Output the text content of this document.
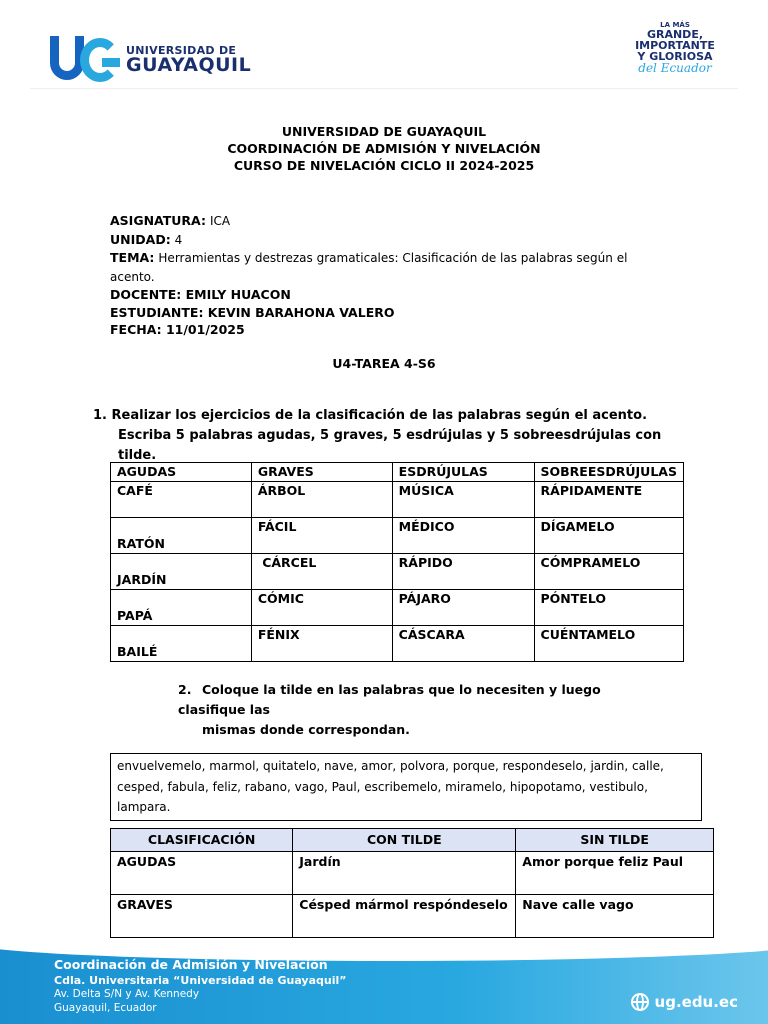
UNIVERSIDAD DE
GUAYAQUIL
LA MÁS
GRANDE,
IMPORTANTE
Y GLORIOSA
del Ecuador
UNIVERSIDAD DE GUAYAQUIL
COORDINACIÓN DE ADMISIÓN Y NIVELACIÓN
CURSO DE NIVELACIÓN CICLO II 2024-2025
ASIGNATURA: ICA
UNIDAD: 4
TEMA: Herramientas y destrezas gramaticales: Clasificación de las palabras según el acento.
DOCENTE: EMILY HUACON
ESTUDIANTE: KEVIN BARAHONA VALERO
FECHA: 11/01/2025
U4-TAREA 4-S6
1. Realizar los ejercicios de la clasificación de las palabras según el acento.
Escriba 5 palabras agudas, 5 graves, 5 esdrújulas y 5 sobreesdrújulas con tilde.
AGUDAS	GRAVES	ESDRÚJULAS	SOBREESDRÚJULAS
CAFÉ	ÁRBOL	MÚSICA	RÁPIDAMENTE
RATÓN	FÁCIL	MÉDICO	DÍGAMELO
JARDÍN	CÁRCEL	RÁPIDO	CÓMPRAMELO
PAPÁ	CÓMIC	PÁJARO	PÓNTELO
BAILÉ	FÉNIX	CÁSCARA	CUÉNTAMELO
2. Coloque la tilde en las palabras que lo necesiten y luego clasifique las
mismas donde correspondan.
envuelvemelo, marmol, quitatelo, nave, amor, polvora, porque, respondeselo, jardin, calle, cesped, fabula, feliz, rabano, vago, Paul, escribemelo, miramelo, hipopotamo, vestibulo, lampara.
CLASIFICACIÓN	CON TILDE	SIN TILDE
AGUDAS	Jardín	Amor porque feliz Paul
GRAVES	Césped mármol respóndeselo	Nave calle vago
Coordinación de Admisión y Nivelación
Cdla. Universitaria “Universidad de Guayaquil”
Av. Delta S/N y Av. Kennedy
Guayaquil, Ecuador	ug.edu.ec
